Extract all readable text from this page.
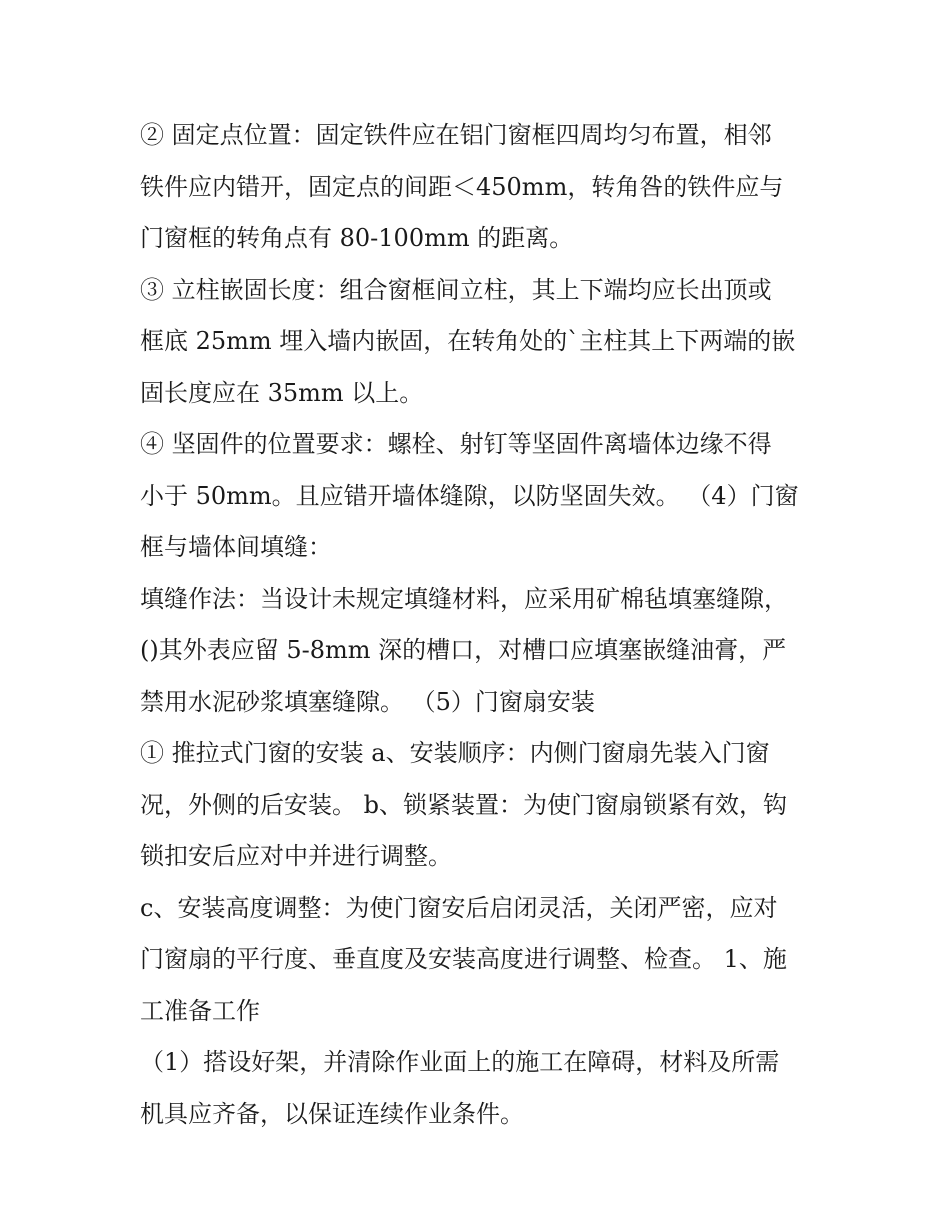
② 固定点位置：固定铁件应在铝门窗框四周均匀布置，相邻
铁件应内错开，固定点的间距＜450mm，转角咎的铁件应与
门窗框的转角点有 80-100mm 的距离。
③ 立柱嵌固长度：组合窗框间立柱，其上下端均应长出顶或
框底 25mm 埋入墙内嵌固，在转角处的`主柱其上下两端的嵌
固长度应在 35mm 以上。
④ 坚固件的位置要求：螺栓、射钉等坚固件离墙体边缘不得
小于 50mm。且应错开墙体缝隙，以防坚固失效。 （4）门窗
框与墙体间填缝：
填缝作法：当设计未规定填缝材料，应采用矿棉毡填塞缝隙，
()其外表应留 5-8mm 深的槽口，对槽口应填塞嵌缝油膏，严
禁用水泥砂浆填塞缝隙。 （5）门窗扇安装
① 推拉式门窗的安装 a、安装顺序：内侧门窗扇先装入门窗
况，外侧的后安装。 b、锁紧装置：为使门窗扇锁紧有效，钩
锁扣安后应对中并进行调整。
c、安装高度调整：为使门窗安后启闭灵活，关闭严密，应对
门窗扇的平行度、垂直度及安装高度进行调整、检查。 1、施
工准备工作
（1）搭设好架，并清除作业面上的施工在障碍，材料及所需
机具应齐备，以保证连续作业条件。
